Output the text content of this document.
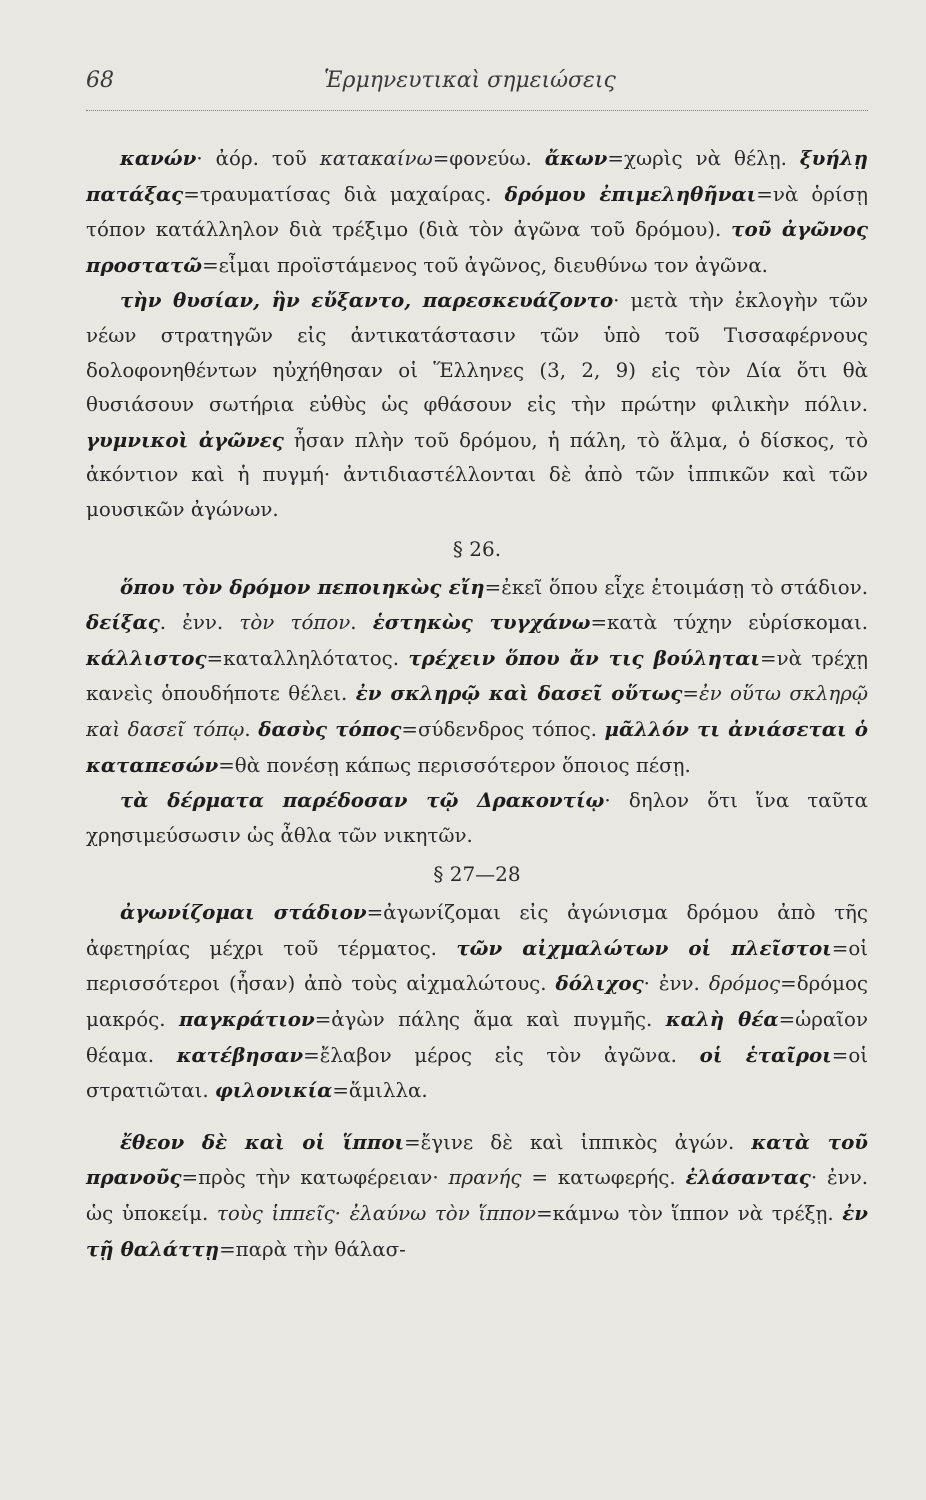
68	Ἑρμηνευτικαὶ σημειώσεις

κανών· ἀόρ. τοῦ κατακαίνω=φονεύω. ἄκων=χωρὶς νὰ θέλῃ. ξυήλῃ πατάξας=τραυματίσας διὰ μαχαίρας. δρόμου ἐπιμεληθῆναι=νὰ ὁρίσῃ τόπον κατάλληλον διὰ τρέξιμο (διὰ τὸν ἀγῶνα τοῦ δρόμου). τοῦ ἀγῶνος προστατῶ=εἶμαι προϊστάμενος τοῦ ἀγῶνος, διευθύνω τον ἀγῶνα.

τὴν θυσίαν, ἣν εὔξαντο, παρεσκευάζοντο· μετὰ τὴν ἐκλογὴν τῶν νέων στρατηγῶν εἰς ἀντικατάστασιν τῶν ὑπὸ τοῦ Τισσαφέρνους δολοφονηθέντων ηὐχήθησαν οἱ Ἕλληνες (3, 2, 9) εἰς τὸν Δία ὅτι θὰ θυσιάσουν σωτήρια εὐθὺς ὡς φθάσουν εἰς τὴν πρώτην φιλικὴν πόλιν. γυμνικοὶ ἀγῶνες ἦσαν πλὴν τοῦ δρόμου, ἡ πάλη, τὸ ἅλμα, ὁ δίσκος, τὸ ἀκόντιον καὶ ἡ πυγμή· ἀντιδιαστέλλονται δὲ ἀπὸ τῶν ἱππικῶν καὶ τῶν μουσικῶν ἀγώνων.

§ 26.

ὅπου τὸν δρόμον πεποιηκὼς εἴη=ἐκεῖ ὅπου εἶχε ἑτοιμάσῃ τὸ στάδιον. δείξας. ἐνν. τὸν τόπον. ἑστηκὼς τυγχάνω=κατὰ τύχην εὑρίσκομαι. κάλλιστος=καταλληλότατος. τρέχειν ὅπου ἄν τις βούληται=νὰ τρέχῃ κανεὶς ὁπουδήποτε θέλει. ἐν σκληρῷ καὶ δασεῖ οὕτως=ἐν οὕτω σκληρῷ καὶ δασεῖ τόπῳ. δασὺς τόπος=σύδενδρος τόπος. μᾶλλόν τι ἀνιάσεται ὁ καταπεσών=θὰ πονέσῃ κάπως περισσότερον ὅποιος πέσῃ.

τὰ δέρματα παρέδοσαν τῷ Δρακοντίῳ· δηλον ὅτι ἵνα ταῦτα χρησιμεύσωσιν ὡς ἆθλα τῶν νικητῶν.

§ 27—28

ἀγωνίζομαι στάδιον=ἀγωνίζομαι εἰς ἀγώνισμα δρόμου ἀπὸ τῆς ἀφετηρίας μέχρι τοῦ τέρματος. τῶν αἰχμαλώτων οἱ πλεῖστοι=οἱ περισσότεροι (ἦσαν) ἀπὸ τοὺς αἰχμαλώτους. δόλιχος· ἐνν. δρόμος=δρόμος μακρός. παγκράτιον=ἀγὼν πάλης ἅμα καὶ πυγμῆς. καλὴ θέα=ὡραῖον θέαμα. κατέβησαν=ἔλαβον μέρος εἰς τὸν ἀγῶνα. οἱ ἑταῖροι=οἱ στρατιῶται. φιλονικία=ἅμιλλα.

ἔθεον δὲ καὶ οἱ ἵπποι=ἔγινε δὲ καὶ ἱππικὸς ἀγών. κατὰ τοῦ πρανοῦς=πρὸς τὴν κατωφέρειαν· πρανής = κατωφερής. ἐλάσαντας· ἐνν. ὡς ὑποκείμ. τοὺς ἱππεῖς· ἐλαύνω τὸν ἵππον=κάμνω τὸν ἵππον νὰ τρέξῃ. ἐν τῇ θαλάττῃ=παρὰ τὴν θάλασ-
